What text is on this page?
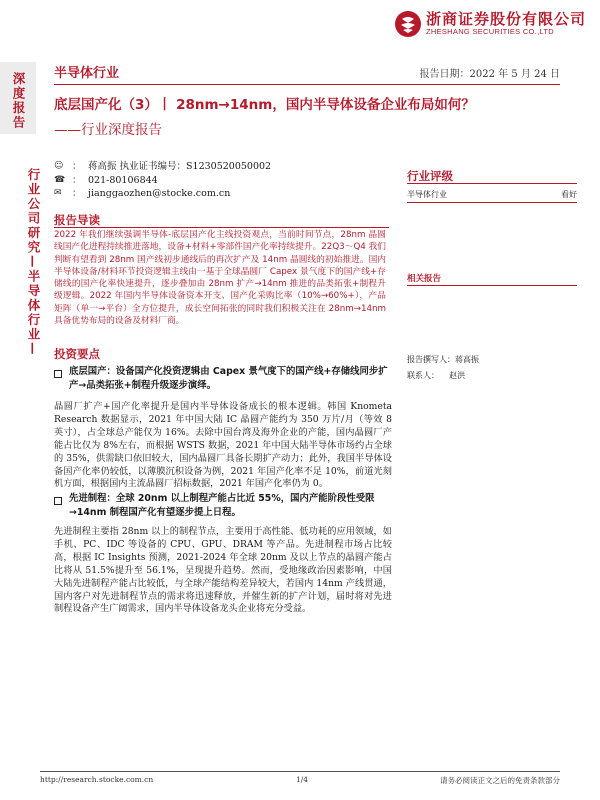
浙商证券股份有限公司
ZHESHANG SECURITIES CO.,LTD
深度报告
行业公司研究—半导体行业—
半导体行业	报告日期：2022 年 5 月 24 日
底层国产化（3）丨 28nm→14nm，国内半导体设备企业布局如何？
——行业深度报告
☺ ： 蒋高振 执业证书编号：S1230520050002
☎ ： 021-80106844
✉	： jianggaozhen@stocke.com.cn
报告导读
2022 年我们继续强调半导体-底层国产化主线投资观点，当前时间节点，28nm 晶圆线国产化进程持续推进落地，设备+材料+零部件国产化率持续提升。22Q3～Q4 我们判断有望看到 28nm 国产线初步通线后的再次扩产及 14nm 晶圆线的初始推进。国内半导体设备/材料环节投资逻辑主线由一基于全球晶圆厂 Capex 景气度下的国产线+存储线的国产化率快速提升，逐步叠加由 28nm 扩产→14nm 推进的品类拓张+制程升级逻辑。2022 年国内半导体设备资本开支、国产化采购比率（10%→60%+），产品矩阵（单一→平台）全方位提升，成长空间拓张的同时我们积极关注在 28nm→14nm 具备优势布局的设备及材料厂商。
投资要点
底层国产：设备国产化投资逻辑由 Capex 景气度下的国产线+存储线同步扩产→品类拓张+制程升级逐步演绎。
晶圆厂扩产+国产化率提升是国内半导体设备成长的根本逻辑。韩国 Knometa Research 数据显示，2021 年中国大陆 IC 晶圆产能约为 350 万片/月（等效 8 英寸），占全球总产能仅为 16%。去除中国台湾及海外企业的产能，国内晶圆厂产能占比仅为 8%左右，而根据 WSTS 数据，2021 年中国大陆半导体市场约占全球的 35%，供需缺口依旧较大，国内晶圆厂具备长期扩产动力；此外，我国半导体设备国产化率仍较低，以薄膜沉积设备为例，2021 年国产化率不足 10%，前道光刻机方面，根据国内主流晶圆厂招标数据，2021 年国产化率仍为 0。
先进制程：全球 20nm 以上制程产能占比近 55%，国内产能阶段性受限→14nm 制程国产化有望逐步提上日程。
先进制程主要指 28nm 以上的制程节点，主要用于高性能、低功耗的应用领域，如手机、PC、IDC 等设备的 CPU、GPU、DRAM 等产品。先进制程市场占比较高，根据 IC Insights 预测，2021-2024 年全球 20nm 及以上节点的晶圆产能占比将从 51.5%提升至 56.1%，呈现提升趋势。然而，受地缘政治因素影响，中国大陆先进制程产能占比较低，与全球产能结构差异较大，若国内 14nm 产线贯通，国内客户对先进制程节点的需求将迅速释放，并催生新的扩产计划，届时将对先进制程设备产生广阔需求，国内半导体设备龙头企业将充分受益。
行业评级
半导体行业	看好
相关报告
报告撰写人：蒋高振
联系人： 赵洪
http://research.stocke.com.cn	1/4	请务必阅读正文之后的免责条款部分
